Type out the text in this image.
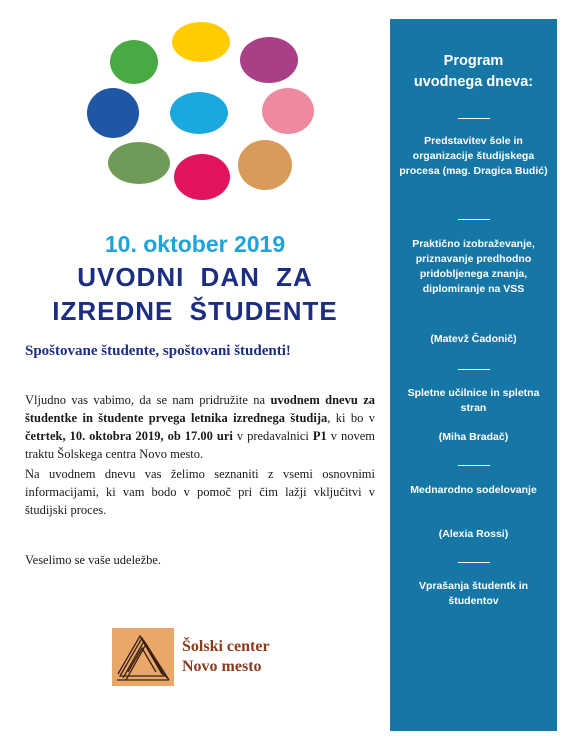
10. oktober 2019
UVODNI DAN ZA
IZREDNE ŠTUDENTE
Spoštovane študente, spoštovani študenti!
Vljudno vas vabimo, da se nam pridružite na uvodnem dnevu za študentke in študente prvega letnika izrednega študija, ki bo v četrtek, 10. oktobra 2019, ob 17.00 uri v predavalnici P1 v novem traktu Šolskega centra Novo mesto.
Na uvodnem dnevu vas želimo seznaniti z vsemi osnovnimi informacijami, ki vam bodo v pomoč pri čim lažji vključitvi v študijski proces.
Veselimo se vaše udeležbe.
Šolski center
Novo mesto
Program
uvodnega dneva:
Predstavitev šole in organizacije študijskega procesa (mag. Dragica Budić)
Praktično izobraževanje, priznavanje predhodno pridobljenega znanja, diplomiranje na VSS
(Matevž Čadonič)
Spletne učilnice in spletna stran
(Miha Bradač)
Mednarodno sodelovanje
(Alexia Rossi)
Vprašanja študentk in študentov
